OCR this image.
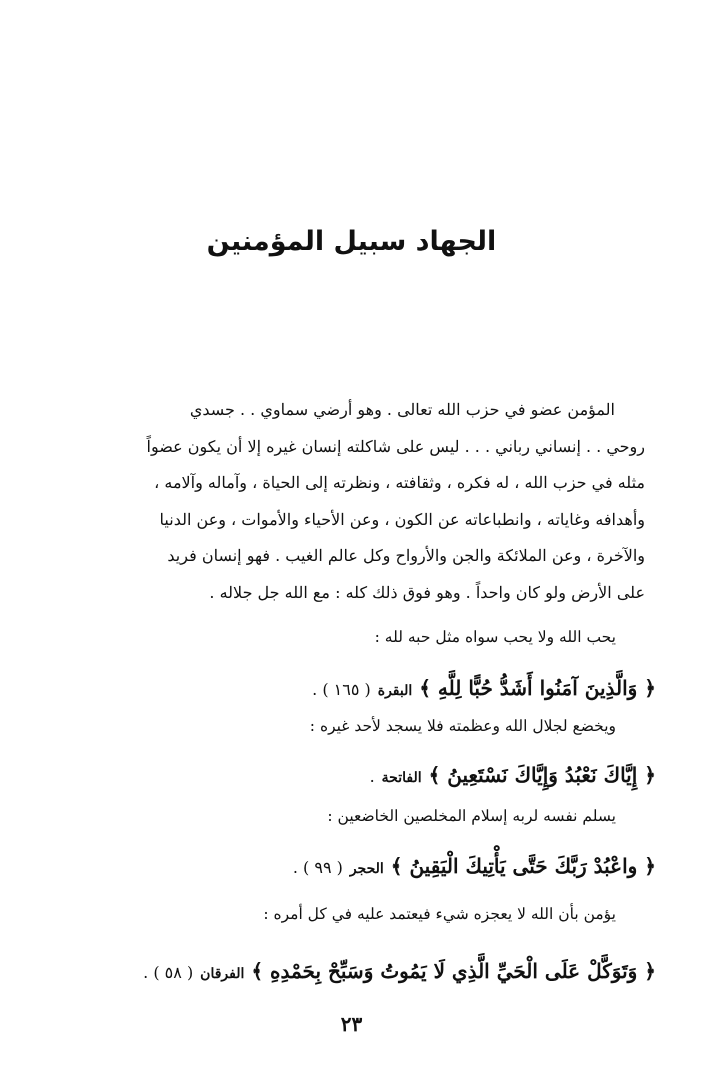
الجهاد سبيل المؤمنين

المؤمن عضو في حزب الله تعالى . وهو أرضي سماوي . . جسدي

روحي . . إنساني رباني . . . ليس على شاكلته إنسان غيره إلا أن يكون عضواً

مثله في حزب الله ، له فكره ، وثقافته ، ونظرته إلى الحياة ، وآماله وآلامه ،

وأهدافه وغاياته ، وانطباعاته عن الكون ، وعن الأحياء والأموات ، وعن الدنيا

والآخرة ، وعن الملائكة والجن والأرواح وكل عالم الغيب . فهو إنسان فريد

على الأرض ولو كان واحداً . وهو فوق ذلك كله : مع الله جل جلاله .

يحب الله ولا يحب سواه مثل حبه لله :
﴿ وَالَّذِينَ آمَنُوا أَشَدُّ حُبًّا لِلَّهِ ﴾ البقرة ( ١٦٥ ) .
ويخضع لجلال الله وعظمته فلا يسجد لأحد غيره :
﴿ إِيَّاكَ نَعْبُدُ وَإِيَّاكَ نَسْتَعِينُ ﴾ الفاتحة .
يسلم نفسه لربه إسلام المخلصين الخاضعين :
﴿ واعْبُدْ رَبَّكَ حَتَّى يَأْتِيكَ الْيَقِينُ ﴾ الحجر ( ٩٩ ) .
يؤمن بأن الله لا يعجزه شيء فيعتمد عليه في كل أمره :
﴿ وَتَوَكَّلْ عَلَى الْحَيِّ الَّذِي لَا يَمُوتُ وَسَبِّحْ بِحَمْدِهِ ﴾ الفرقان ( ٥٨ ) .
٢٣
